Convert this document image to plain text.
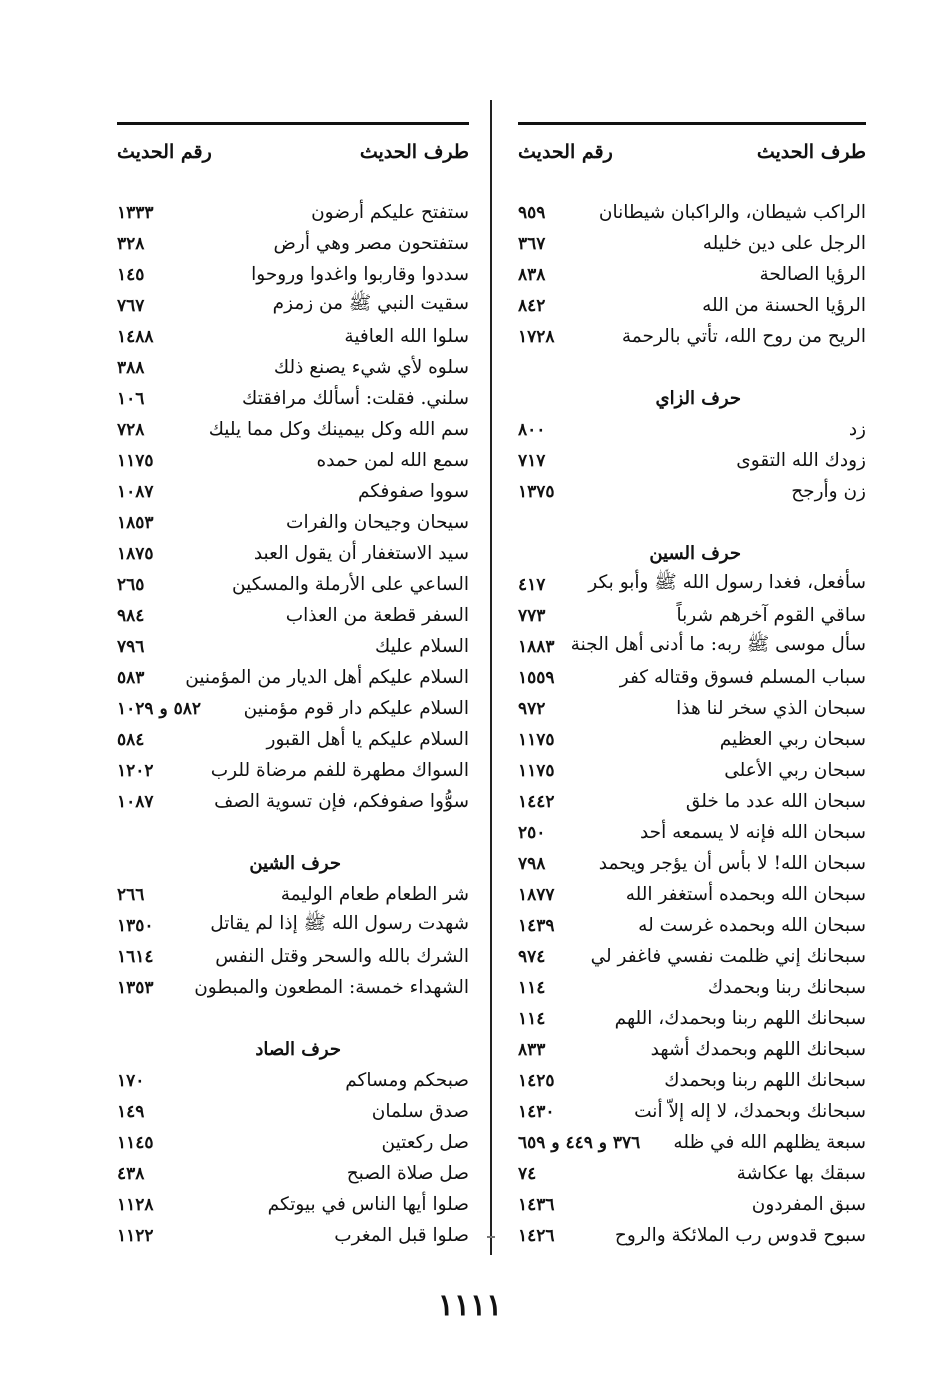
طرف الحديث
رقم الحديث
الراكب شيطان، والراكبان شيطانان
٩٥٩
الرجل على دين خليله
٣٦٧
الرؤيا الصالحة
٨٣٨
الرؤيا الحسنة من الله
٨٤٢
الريح من روح الله، تأتي بالرحمة
١٧٢٨
حرف الزاي
زد
٨٠٠
زودك الله التقوى
٧١٧
زن وأرجح
١٣٧٥
حرف السين
سأفعل، فغدا رسول الله ﷺ وأبو بكر
٤١٧
ساقي القوم آخرهم شرباً
٧٧٣
سأل موسى ﷺ ربه: ما أدنى أهل الجنة
١٨٨٣
سباب المسلم فسوق وقتاله كفر
١٥٥٩
سبحان الذي سخر لنا هذا
٩٧٢
سبحان ربي العظيم
١١٧٥
سبحان ربي الأعلى
١١٧٥
سبحان الله عدد ما خلق
١٤٤٢
سبحان الله فإنه لا يسمعه أحد
٢٥٠
سبحان الله! لا بأس أن يؤجر ويحمد
٧٩٨
سبحان الله وبحمده أستغفر الله
١٨٧٧
سبحان الله وبحمده غرست له
١٤٣٩
سبحانك إني ظلمت نفسي فاغفر لي
٩٧٤
سبحانك ربنا وبحمدك
١١٤
سبحانك اللهم ربنا وبحمدك، اللهم
١١٤
سبحانك اللهم وبحمدك أشهد
٨٣٣
سبحانك اللهم ربنا وبحمدك
١٤٢٥
سبحانك وبحمدك، لا إله إلاّ أنت
١٤٣٠
سبعة يظلهم الله في ظله
٣٧٦ و ٤٤٩ و ٦٥٩
سبقك بها عكاشة
٧٤
سبق المفردون
١٤٣٦
سبوح قدوس رب الملائكة والروح
١٤٢٦
طرف الحديث
رقم الحديث
ستفتح عليكم أرضون
١٣٣٣
ستفتحون مصر وهي أرض
٣٢٨
سددوا وقاربوا واغدوا وروحوا
١٤٥
سقيت النبي ﷺ من زمزم
٧٦٧
سلوا الله العافية
١٤٨٨
سلوه لأي شيء يصنع ذلك
٣٨٨
سلني. فقلت: أسألك مرافقتك
١٠٦
سم الله وكل بيمينك وكل مما يليك
٧٢٨
سمع الله لمن حمده
١١٧٥
سووا صفوفكم
١٠٨٧
سيحان وجيحان والفرات
١٨٥٣
سيد الاستغفار أن يقول العبد
١٨٧٥
الساعي على الأرملة والمسكين
٢٦٥
السفر قطعة من العذاب
٩٨٤
السلام عليك
٧٩٦
السلام عليكم أهل الديار من المؤمنين
٥٨٣
السلام عليكم دار قوم مؤمنين
٥٨٢ و ١٠٢٩
السلام عليكم يا أهل القبور
٥٨٤
السواك مطهرة للفم مرضاة للرب
١٢٠٢
سوُّوا صفوفكم، فإن تسوية الصف
١٠٨٧
حرف الشين
شر الطعام طعام الوليمة
٢٦٦
شهدت رسول الله ﷺ إذا لم يقاتل
١٣٥٠
الشرك بالله والسحر وقتل النفس
١٦١٤
الشهداء خمسة: المطعون والمبطون
١٣٥٣
حرف الصاد
صبحكم ومساكم
١٧٠
صدق سلمان
١٤٩
صل ركعتين
١١٤٥
صل صلاة الصبح
٤٣٨
صلوا أيها الناس في بيوتكم
١١٢٨
صلوا قبل المغرب
١١٢٢
١١١١
